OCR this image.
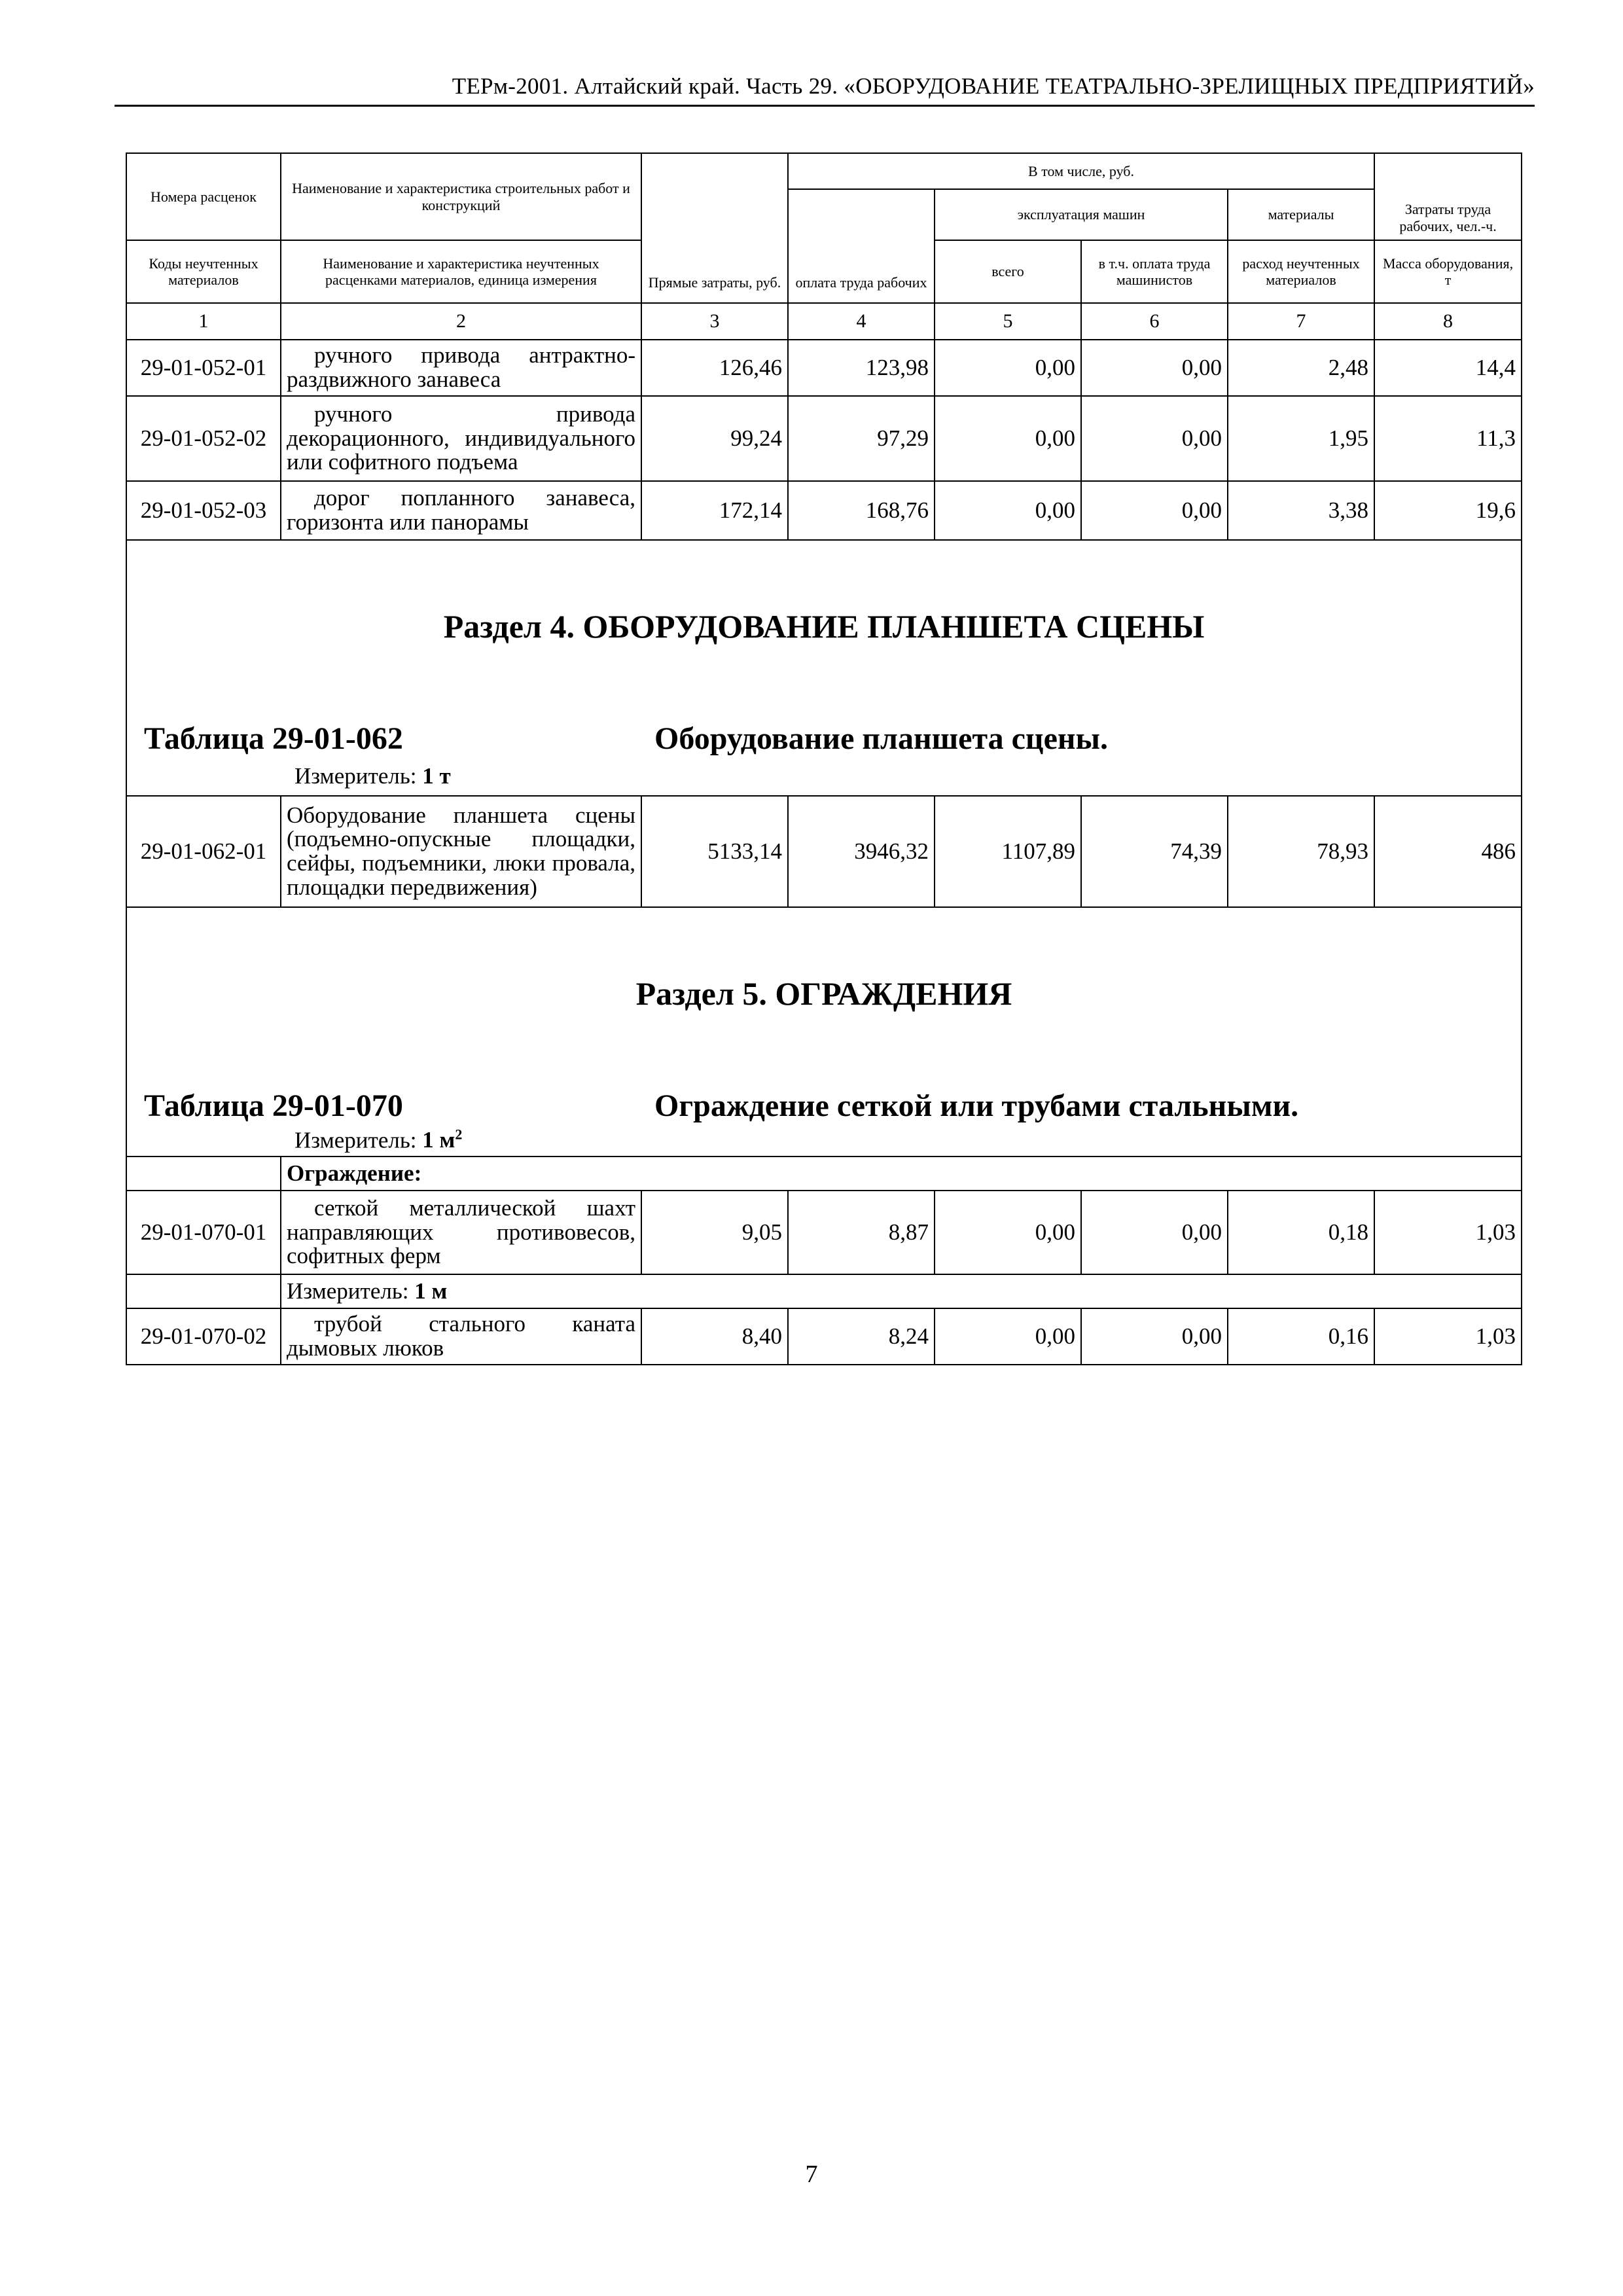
ТЕРм-2001. Алтайский край. Часть 29. «ОБОРУДОВАНИЕ ТЕАТРАЛЬНО-ЗРЕЛИЩНЫХ ПРЕДПРИЯТИЙ»
Номера расценок	Наименование и характеристика строительных работ и конструкций	Прямые затраты, руб.	В том числе, руб.				Затраты труда рабочих, чел.-ч.
			оплата труда рабочих	эксплуатация машин		материалы	
Коды неучтенных материалов	Наименование и характеристика неучтенных расценками материалов, единица измерения			всего	в т.ч. оплата труда машинистов	расход неучтенных материалов	Масса оборудования, т
1	2	3	4	5	6	7	8
29-01-052-01	ручного привода антрактно-раздвижного занавеса	126,46	123,98	0,00	0,00	2,48	14,4
29-01-052-02	ручного привода декорационного, индивидуального или софитного подъема	99,24	97,29	0,00	0,00	1,95	11,3
29-01-052-03	дорог попланного занавеса, горизонта или панорамы	172,14	168,76	0,00	0,00	3,38	19,6

Раздел 4. ОБОРУДОВАНИЕ ПЛАНШЕТА СЦЕНЫ
Таблица 29-01-062 Оборудование планшета сцены.							

Измеритель: 1 т							

29-01-062-01	Оборудование планшета сцены (подъемно-опускные площадки, сейфы, подъемники, люки провала, площадки передвижения)	5133,14	3946,32	1107,89	74,39	78,93	486

Раздел 5. ОГРАЖДЕНИЯ
Таблица 29-01-070 Ограждение сеткой или трубами стальными.							

Измеритель: 1 $м^2$

	Ограждение:						
29-01-070-01	сеткой металлической шахт направляющих противовесов, софитных ферм	9,05	8,87	0,00	0,00	0,18	1,03
	Измеритель: 1 м						
29-01-070-02	трубой стального каната дымовых люков	8,40	8,24	0,00	0,00	0,16	1,03
7
